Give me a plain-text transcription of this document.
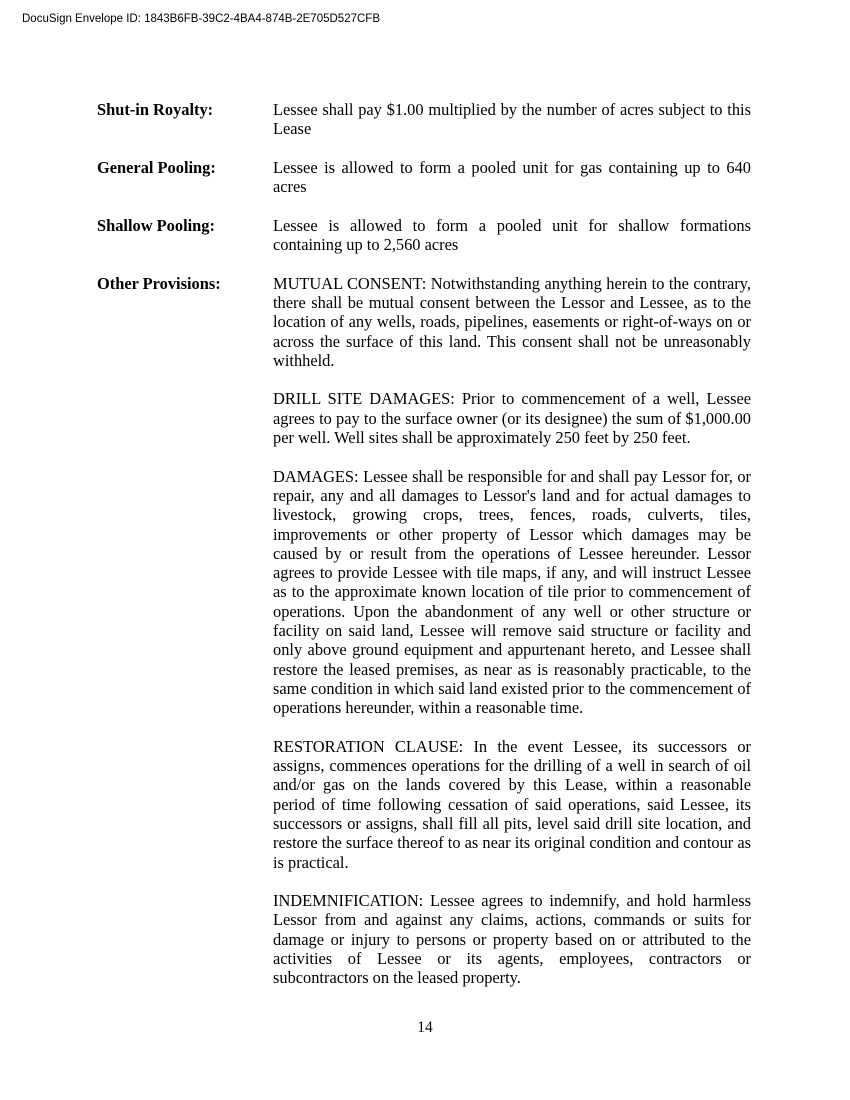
DocuSign Envelope ID: 1843B6FB-39C2-4BA4-874B-2E705D527CFB
Shut-in Royalty:	Lessee shall pay $1.00 multiplied by the number of acres subject to this Lease

General Pooling:	Lessee is allowed to form a pooled unit for gas containing up to 640 acres

Shallow Pooling:	Lessee is allowed to form a pooled unit for shallow formations containing up to 2,560 acres

Other Provisions:	MUTUAL CONSENT: Notwithstanding anything herein to the contrary, there shall be mutual consent between the Lessor and Lessee, as to the location of any wells, roads, pipelines, easements or right-of-ways on or across the surface of this land. This consent shall not be unreasonably withheld.

DRILL SITE DAMAGES: Prior to commencement of a well, Lessee agrees to pay to the surface owner (or its designee) the sum of $1,000.00 per well. Well sites shall be approximately 250 feet by 250 feet.

DAMAGES: Lessee shall be responsible for and shall pay Lessor for, or repair, any and all damages to Lessor's land and for actual damages to livestock, growing crops, trees, fences, roads, culverts, tiles, improvements or other property of Lessor which damages may be caused by or result from the operations of Lessee hereunder. Lessor agrees to provide Lessee with tile maps, if any, and will instruct Lessee as to the approximate known location of tile prior to commencement of operations. Upon the abandonment of any well or other structure or facility on said land, Lessee will remove said structure or facility and only above ground equipment and appurtenant hereto, and Lessee shall restore the leased premises, as near as is reasonably practicable, to the same condition in which said land existed prior to the commencement of operations hereunder, within a reasonable time.

RESTORATION CLAUSE: In the event Lessee, its successors or assigns, commences operations for the drilling of a well in search of oil and/or gas on the lands covered by this Lease, within a reasonable period of time following cessation of said operations, said Lessee, its successors or assigns, shall fill all pits, level said drill site location, and restore the surface thereof to as near its original condition and contour as is practical.

INDEMNIFICATION: Lessee agrees to indemnify, and hold harmless Lessor from and against any claims, actions, commands or suits for damage or injury to persons or property based on or attributed to the activities of Lessee or its agents, employees, contractors or subcontractors on the leased property.

14
